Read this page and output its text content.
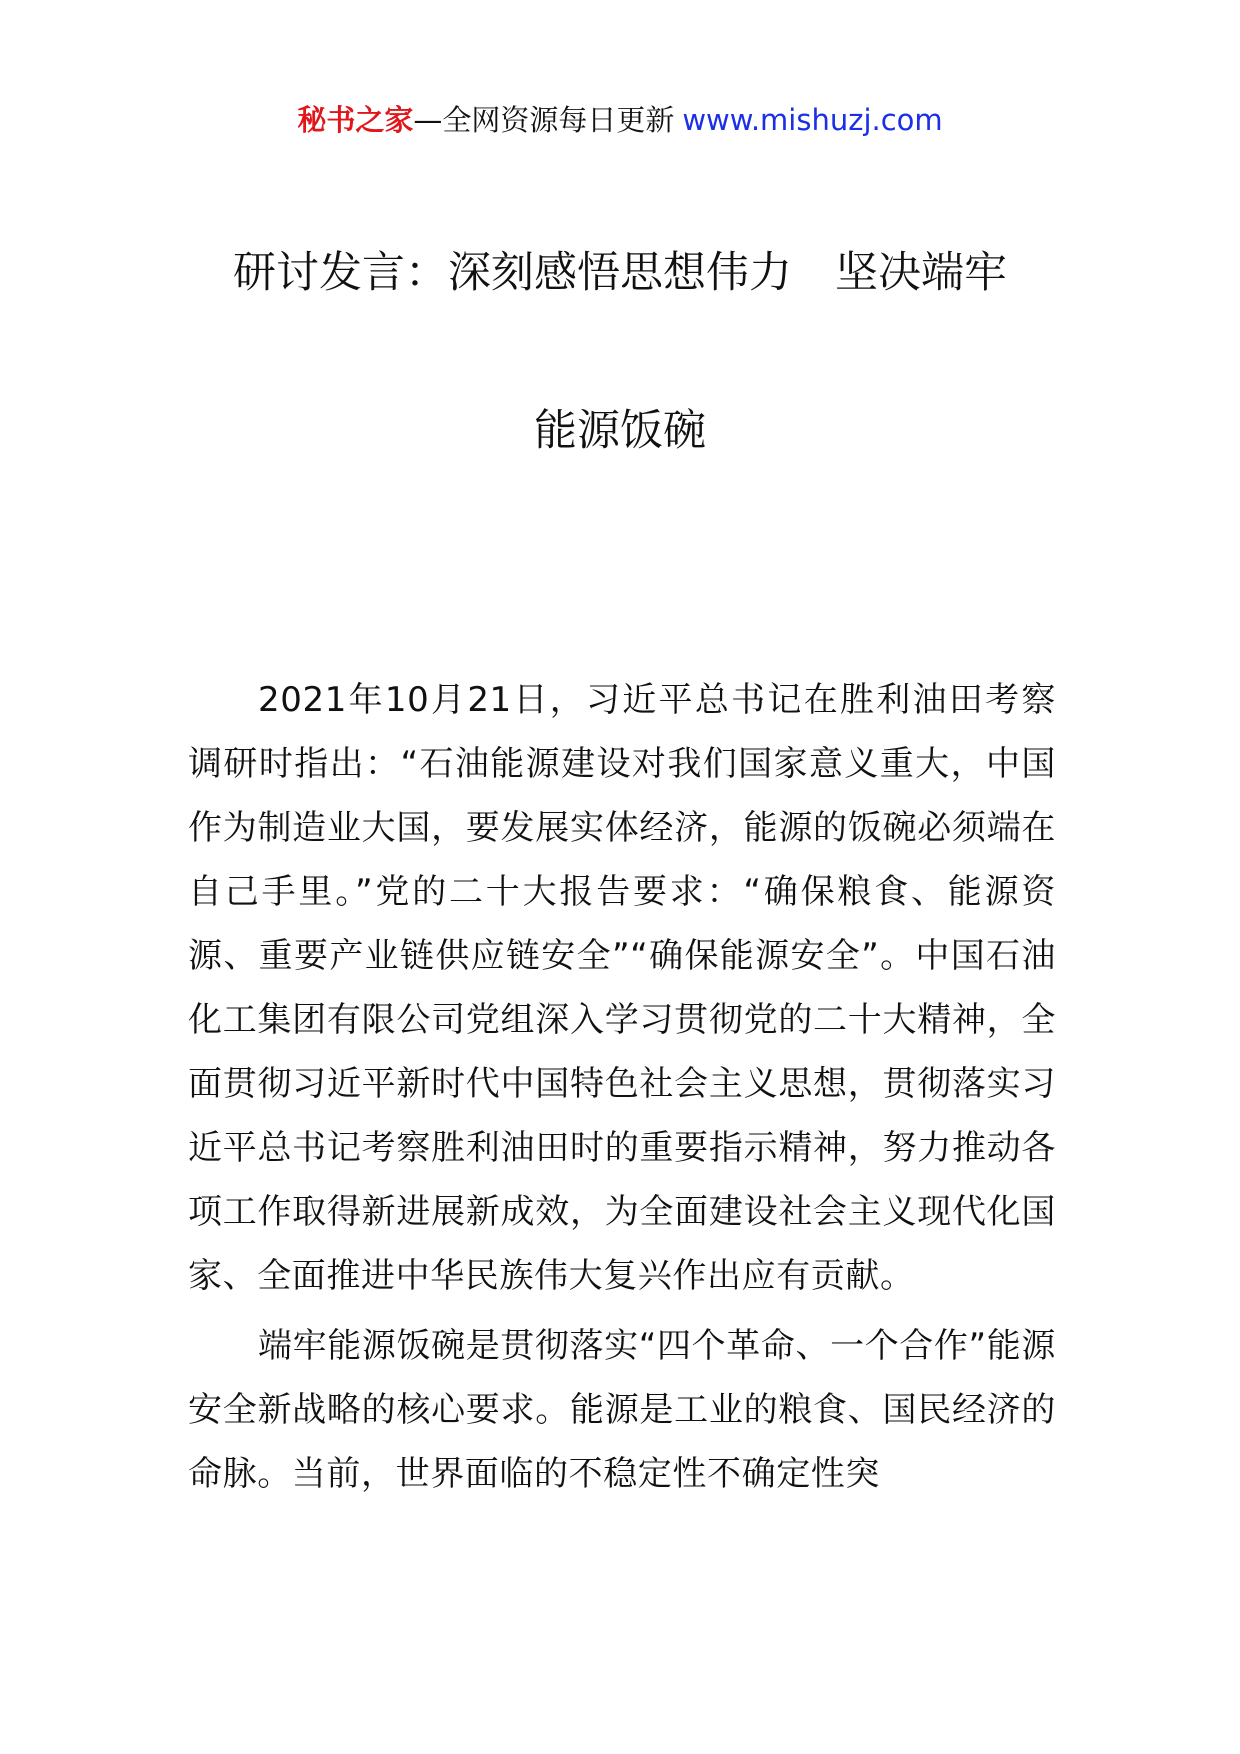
秘书之家—全网资源每日更新 www.mishuzj.com
研讨发言：深刻感悟思想伟力　坚决端牢
能源饭碗

2021年10月21日，习近平总书记在胜利油田考察调研时指出：“石油能源建设对我们国家意义重大，中国作为制造业大国，要发展实体经济，能源的饭碗必须端在自己手里。”党的二十大报告要求：“确保粮食、能源资源、重要产业链供应链安全”“确保能源安全”。中国石油化工集团有限公司党组深入学习贯彻党的二十大精神，全面贯彻习近平新时代中国特色社会主义思想，贯彻落实习近平总书记考察胜利油田时的重要指示精神，努力推动各项工作取得新进展新成效，为全面建设社会主义现代化国家、全面推进中华民族伟大复兴作出应有贡献。

端牢能源饭碗是贯彻落实“四个革命、一个合作”能源安全新战略的核心要求。能源是工业的粮食、国民经济的命脉。当前，世界面临的不稳定性不确定性突
